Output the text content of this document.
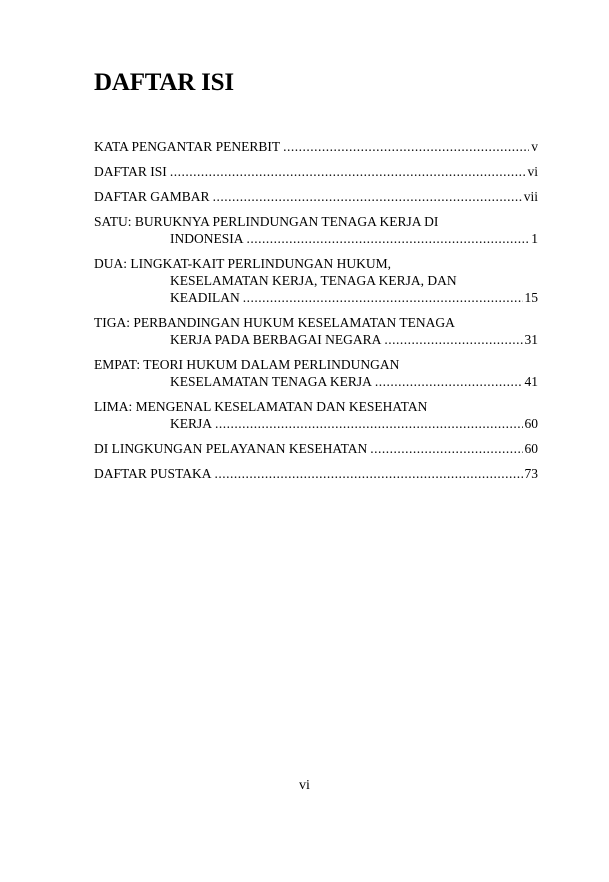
DAFTAR ISI
KATA PENGANTAR PENERBIT .....	v
DAFTAR ISI .....	vi
DAFTAR GAMBAR .....	vii
SATU: BURUKNYA PERLINDUNGAN TENAGA KERJA DI
INDONESIA .....	1
DUA: LINGKAT-KAIT PERLINDUNGAN HUKUM,
KESELAMATAN KERJA, TENAGA KERJA, DAN
KEADILAN .....	15
TIGA: PERBANDINGAN HUKUM KESELAMATAN TENAGA
KERJA PADA BERBAGAI NEGARA .....	31
EMPAT: TEORI HUKUM DALAM PERLINDUNGAN
KESELAMATAN TENAGA KERJA .....	41
LIMA: MENGENAL KESELAMATAN DAN KESEHATAN
KERJA .....	60
DI LINGKUNGAN PELAYANAN KESEHATAN .....	60
DAFTAR PUSTAKA .....	73
vi
